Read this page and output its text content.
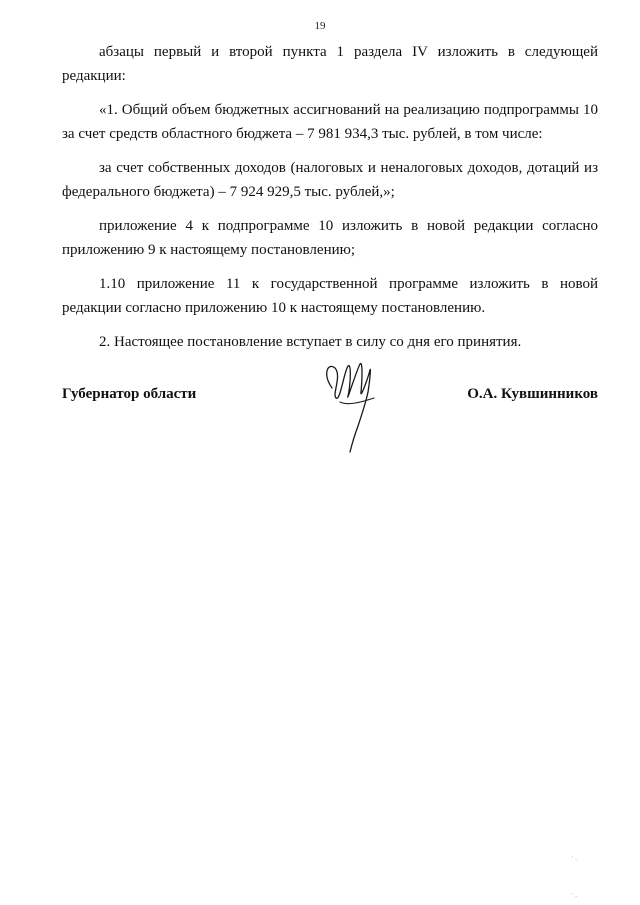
19

абзацы первый и второй пункта 1 раздела IV изложить в следующей редакции:

«1. Общий объем бюджетных ассигнований на реализацию подпрограммы 10 за счет средств областного бюджета – 7 981 934,3 тыс. рублей, в том числе:

за счет собственных доходов (налоговых и неналоговых доходов, дотаций из федерального бюджета) – 7 924 929,5 тыс. рублей,»;

приложение 4 к подпрограмме 10 изложить в новой редакции согласно приложению 9 к настоящему постановлению;

1.10 приложение 11 к государственной программе изложить в новой редакции согласно приложению 10 к настоящему постановлению.

2. Настоящее постановление вступает в силу со дня его принятия.

Губернатор области	О.А. Кувшинников
' -
' -
